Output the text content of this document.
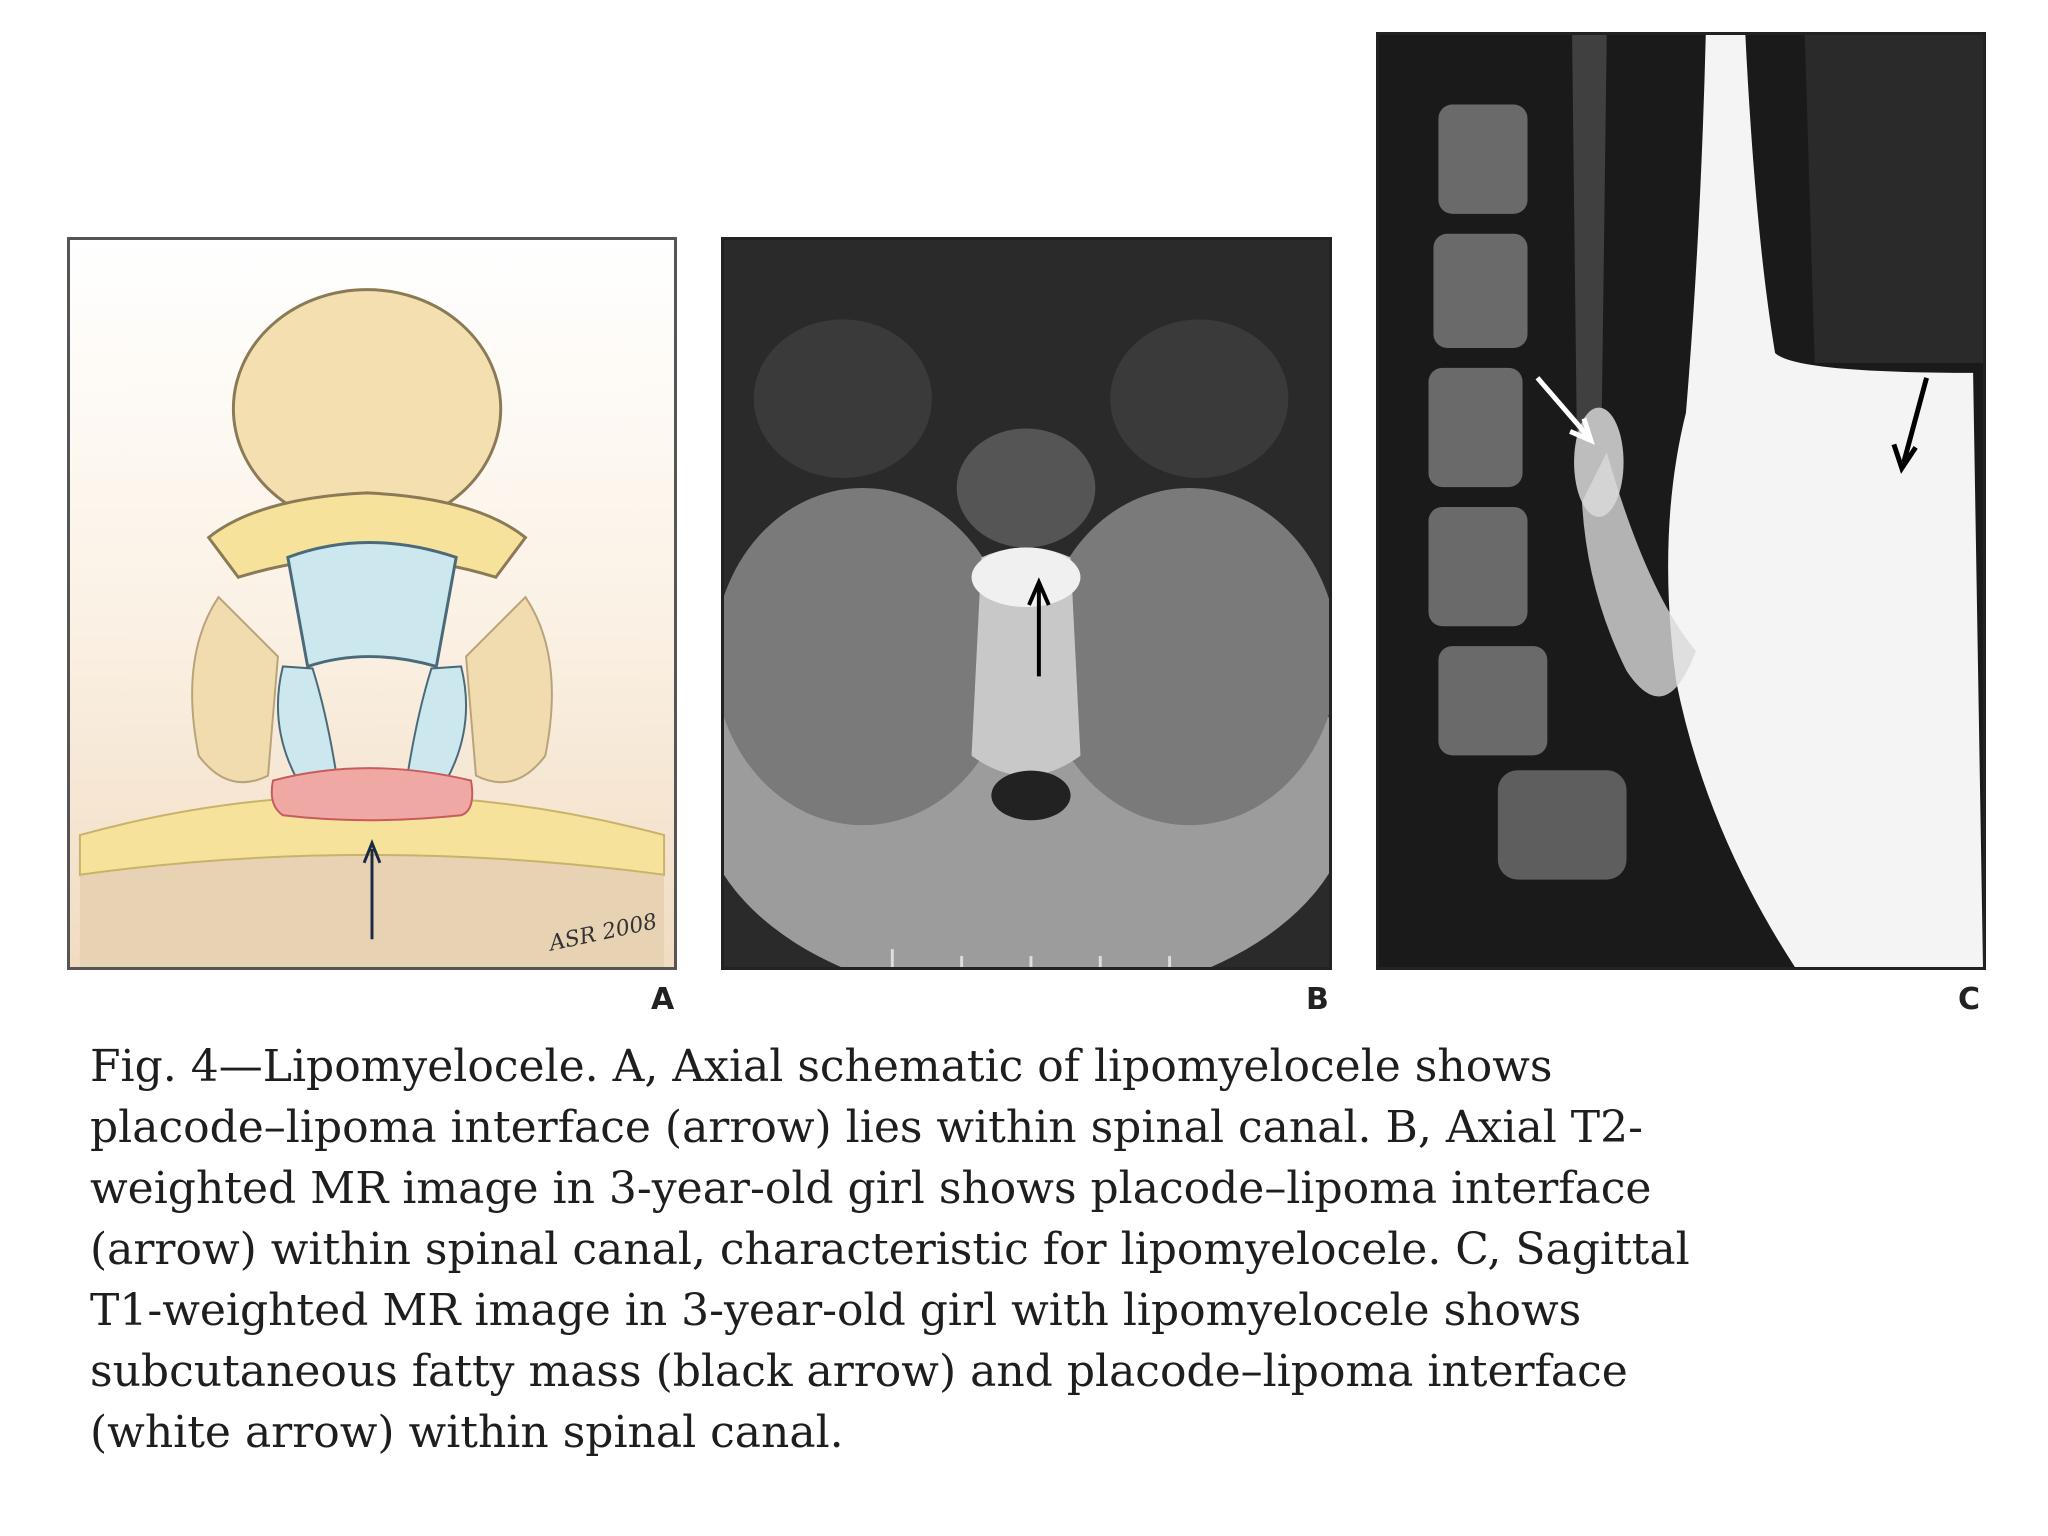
ASR 2008
A	B	C

Fig. 4—Lipomyelocele. A, Axial schematic of lipomyelocele shows
placode–lipoma interface (arrow) lies within spinal canal. B, Axial T2-
weighted MR image in 3-year-old girl shows placode–lipoma interface
(arrow) within spinal canal, characteristic for lipomyelocele. C, Sagittal
T1-weighted MR image in 3-year-old girl with lipomyelocele shows
subcutaneous fatty mass (black arrow) and placode–lipoma interface
(white arrow) within spinal canal.
